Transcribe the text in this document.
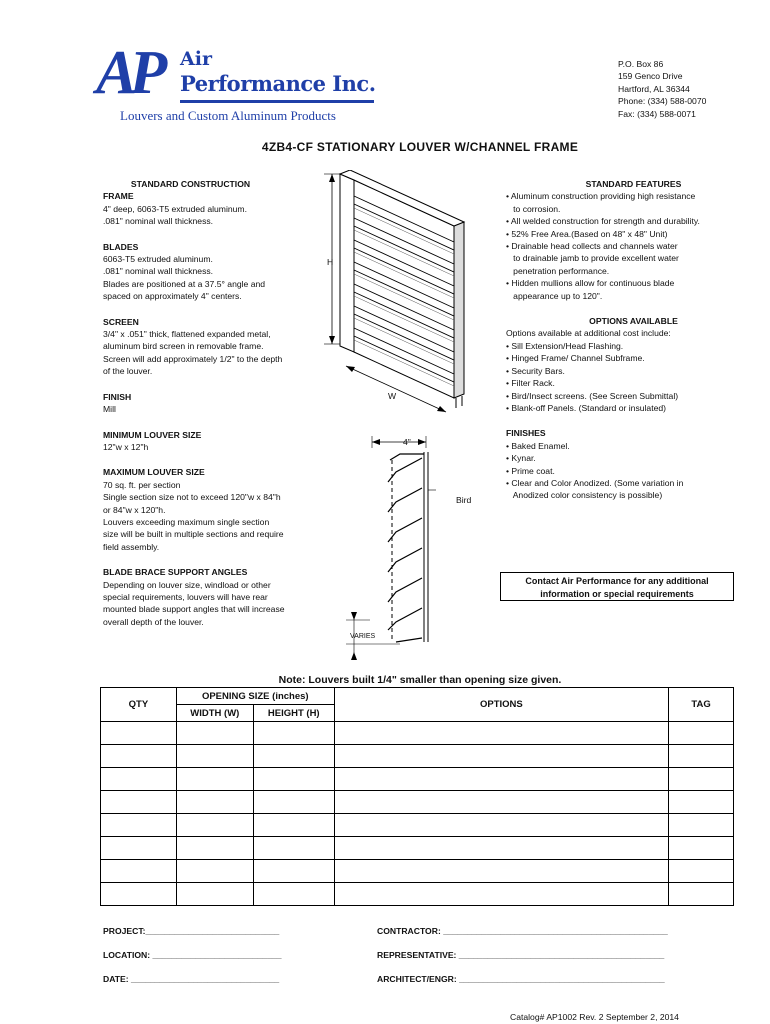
AP Air
Performance Inc.
Louvers and Custom Aluminum Products
P.O. Box 86
159 Genco Drive
Hartford, AL 36344
Phone: (334) 588-0070
Fax: (334) 588-0071
4ZB4-CF STATIONARY LOUVER W/CHANNEL FRAME
STANDARD CONSTRUCTION
FRAME
4" deep, 6063-T5 extruded aluminum.
.081" nominal wall thickness.
BLADES
6063-T5 extruded aluminum.
.081" nominal wall thickness.
Blades are positioned at a 37.5° angle and
spaced on approximately 4" centers.
SCREEN
3/4" x .051" thick, flattened expanded metal,
aluminum bird screen in removable frame.
Screen will add approximately 1/2" to the depth
of the louver.
FINISH
Mill
MINIMUM LOUVER SIZE
12"w x 12"h
MAXIMUM LOUVER SIZE
70 sq. ft. per section
Single section size not to exceed 120"w x 84"h
or 84"w x 120"h.
Louvers exceeding maximum single section
size will be built in multiple sections and require
field assembly.
BLADE BRACE SUPPORT ANGLES
Depending on louver size, windload or other
special requirements, louvers will have rear
mounted blade support angles that will increase
overall depth of the louver.
STANDARD FEATURES
• Aluminum construction providing high resistance
to corrosion.
• All welded construction for strength and durability.
• 52% Free Area.(Based on 48" x 48" Unit)
• Drainable head collects and channels water
to drainable jamb to provide excellent water
penetration performance.
• Hidden mullions allow for continuous blade
appearance up to 120".
OPTIONS AVAILABLE
Options available at additional cost include:
• Sill Extension/Head Flashing.
• Hinged Frame/ Channel Subframe.
• Security Bars.
• Filter Rack.
• Bird/Insect screens. (See Screen Submittal)
• Blank-off Panels. (Standard or insulated)
FINISHES
• Baked Enamel.
• Kynar.
• Prime coat.
• Clear and Color Anodized. (Some variation in
Anodized color consistency is possible)
Contact Air Performance for any additional
information or special requirements
H
W
4"
Bird
VARIES
Note: Louvers built 1/4" smaller than opening size given.
QTY	OPENING SIZE (inches)		OPTIONS	TAG
	WIDTH (W)	HEIGHT (H)		

PROJECT:____________________________	CONTRACTOR: _______________________________________________
LOCATION: ___________________________	REPRESENTATIVE: ___________________________________________
DATE: _______________________________	ARCHITECT/ENGR: ___________________________________________
Catalog# AP1002 Rev. 2 September 2, 2014
